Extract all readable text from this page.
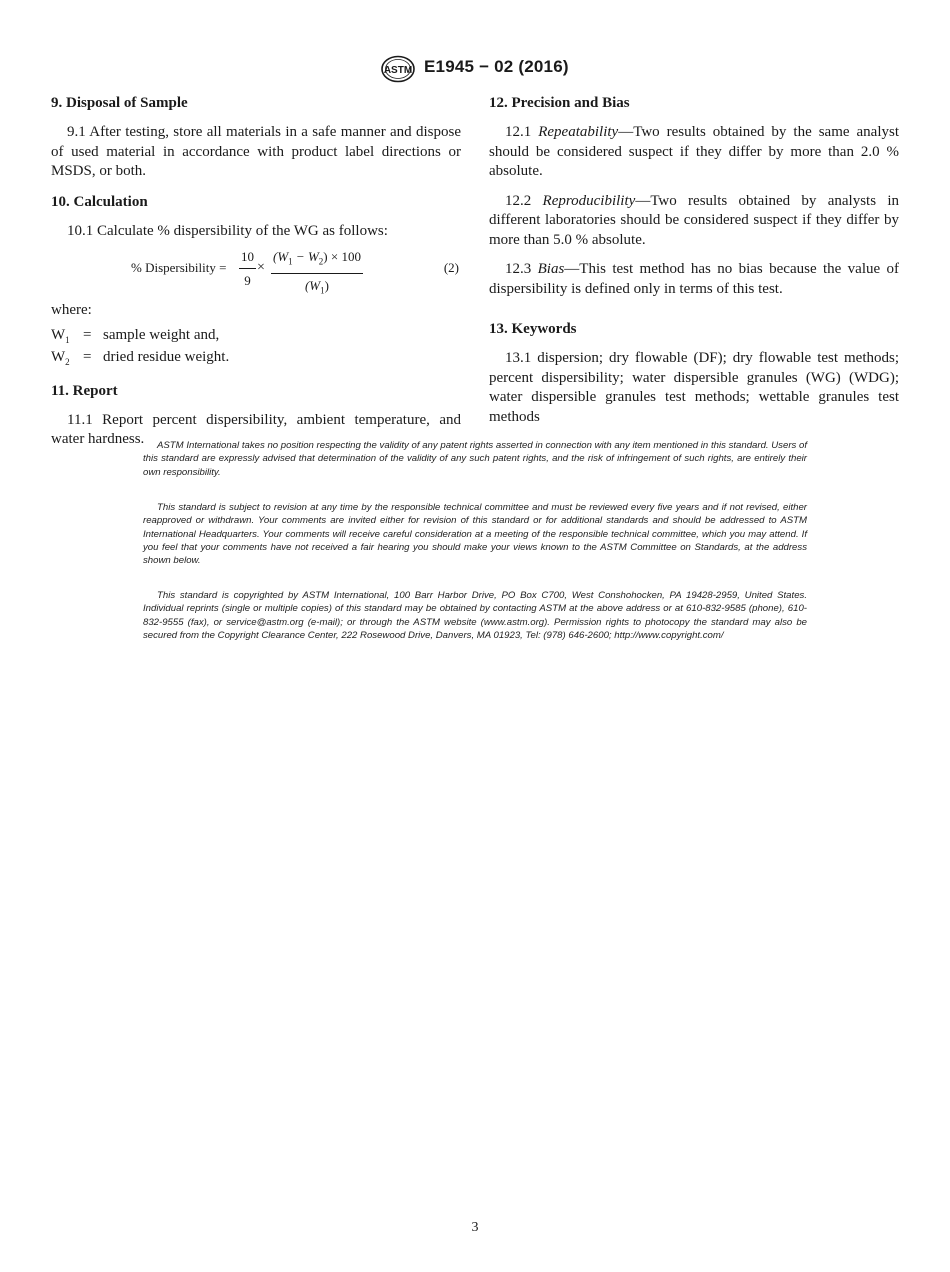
ASTM E1945 − 02 (2016)
9. Disposal of Sample

9.1 After testing, store all materials in a safe manner and dispose of used material in accordance with product label directions or MSDS, or both.

10. Calculation

10.1 Calculate % dispersibility of the WG as follows:

% Dispersibility = $\frac{10}{9} \times \frac{(W_1 - W_2) \times 100}{(W_1)}$	(2)
where:
$W_1$ = sample weight and,
$W_2$ = dried residue weight.
11. Report

11.1 Report percent dispersibility, ambient temperature, and water hardness.

12. Precision and Bias

12.1 Repeatability—Two results obtained by the same analyst should be considered suspect if they differ by more than 2.0 % absolute.

12.2 Reproducibility—Two results obtained by analysts in different laboratories should be considered suspect if they differ by more than 5.0 % absolute.

12.3 Bias—This test method has no bias because the value of dispersibility is defined only in terms of this test.

13. Keywords

13.1 dispersion; dry flowable (DF); dry flowable test methods; percent dispersibility; water dispersible granules (WG) (WDG); water dispersible granules test methods; wettable granules test methods

ASTM International takes no position respecting the validity of any patent rights asserted in connection with any item mentioned in this standard. Users of this standard are expressly advised that determination of the validity of any such patent rights, and the risk of infringement of such rights, are entirely their own responsibility.

This standard is subject to revision at any time by the responsible technical committee and must be reviewed every five years and if not revised, either reapproved or withdrawn. Your comments are invited either for revision of this standard or for additional standards and should be addressed to ASTM International Headquarters. Your comments will receive careful consideration at a meeting of the responsible technical committee, which you may attend. If you feel that your comments have not received a fair hearing you should make your views known to the ASTM Committee on Standards, at the address shown below.

This standard is copyrighted by ASTM International, 100 Barr Harbor Drive, PO Box C700, West Conshohocken, PA 19428-2959, United States. Individual reprints (single or multiple copies) of this standard may be obtained by contacting ASTM at the above address or at 610-832-9585 (phone), 610-832-9555 (fax), or service@astm.org (e-mail); or through the ASTM website (www.astm.org). Permission rights to photocopy the standard may also be secured from the Copyright Clearance Center, 222 Rosewood Drive, Danvers, MA 01923, Tel: (978) 646-2600; http://www.copyright.com/

3
